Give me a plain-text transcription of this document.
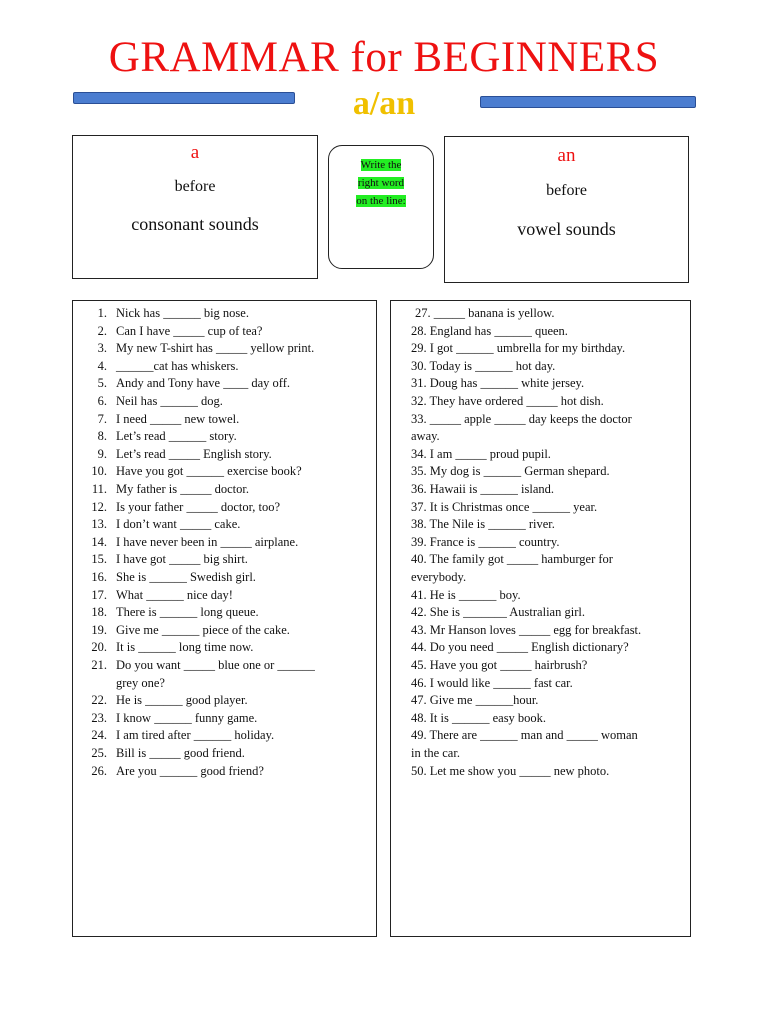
GRAMMAR for BEGINNERS
a/an
a
before
consonant sounds
Write the
right word
on the line:
an
before
vowel sounds
1. Nick has ______ big nose.
2. Can I have _____ cup of tea?
3. My new T-shirt has _____ yellow print.
4. ______cat has whiskers.
5. Andy and Tony have ____ day off.
6. Neil has ______ dog.
7. I need _____ new towel.
8. Let’s read ______ story.
9. Let’s read _____ English story.
10. Have you got ______ exercise book?
11. My father is _____ doctor.
12. Is your father _____ doctor, too?
13. I don’t want _____ cake.
14. I have never been in _____ airplane.
15. I have got _____ big shirt.
16. She is ______ Swedish girl.
17. What ______ nice day!
18. There is ______ long queue.
19. Give me ______ piece of the cake.
20. It is ______ long time now.
21. Do you want _____ blue one or ______
grey one?
22. He is ______ good player.
23. I know ______ funny game.
24. I am tired after ______ holiday.
25. Bill is _____ good friend.
26. Are you ______ good friend?
27. _____ banana is yellow.
28. England has ______ queen.
29. I got ______ umbrella for my birthday.
30. Today is ______ hot day.
31. Doug has ______ white jersey.
32. They have ordered _____ hot dish.
33. _____ apple _____ day keeps the doctor
away.
34. I am _____ proud pupil.
35. My dog is ______ German shepard.
36. Hawaii is ______ island.
37. It is Christmas once ______ year.
38. The Nile is ______ river.
39. France is ______ country.
40. The family got _____ hamburger for
everybody.
41. He is ______ boy.
42. She is _______ Australian girl.
43. Mr Hanson loves _____ egg for breakfast.
44. Do you need _____ English dictionary?
45. Have you got _____ hairbrush?
46. I would like ______ fast car.
47. Give me ______hour.
48. It is ______ easy book.
49. There are ______ man and _____ woman
in the car.
50. Let me show you _____ new photo.
